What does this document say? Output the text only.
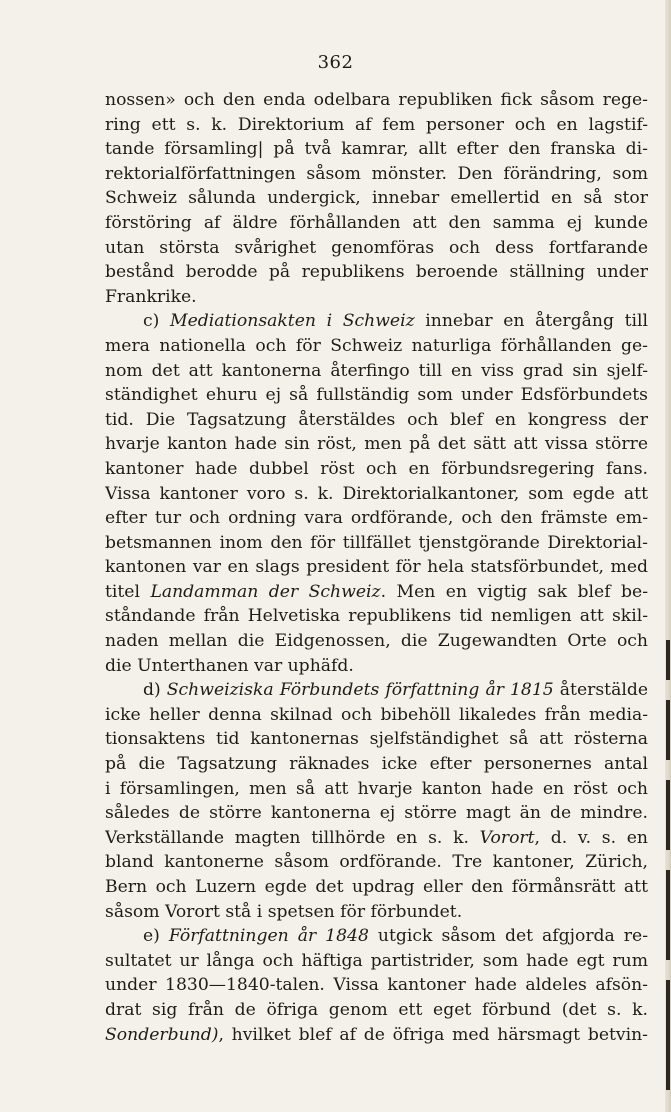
362
nossen» och den enda odelbara republiken fick såsom rege-
ring ett s. k. Direktorium af fem personer och en lagstif-
tande församling| på två kamrar, allt efter den franska di-
rektorialförfattningen såsom mönster. Den förändring, som
Schweiz sålunda undergick, innebar emellertid en så stor
förstöring af äldre förhållanden att den samma ej kunde
utan största svårighet genomföras och dess fortfarande
bestånd berodde på republikens beroende ställning under
Frankrike.
c) Mediationsakten i Schweiz innebar en återgång till
mera nationella och för Schweiz naturliga förhållanden ge-
nom det att kantonerna återfingo till en viss grad sin sjelf-
ständighet ehuru ej så fullständig som under Edsförbundets
tid. Die Tagsatzung återstäldes och blef en kongress der
hvarje kanton hade sin röst, men på det sätt att vissa större
kantoner hade dubbel röst och en förbundsregering fans.
Vissa kantoner voro s. k. Direktorialkantoner, som egde att
efter tur och ordning vara ordförande, och den främste em-
betsmannen inom den för tillfället tjenstgörande Direktorial-
kantonen var en slags president för hela statsförbundet, med
titel Landamman der Schweiz. Men en vigtig sak blef be-
ståndande från Helvetiska republikens tid nemligen att skil-
naden mellan die Eidgenossen, die Zugewandten Orte och
die Unterthanen var uphäfd.
d) Schweiziska Förbundets författning år 1815 återstälde
icke heller denna skilnad och bibehöll likaledes från media-
tionsaktens tid kantonernas sjelfständighet så att rösterna
på die Tagsatzung räknades icke efter personernes antal
i församlingen, men så att hvarje kanton hade en röst och
således de större kantonerna ej större magt än de mindre.
Verkställande magten tillhörde en s. k. Vorort, d. v. s. en
bland kantonerne såsom ordförande. Tre kantoner, Zürich,
Bern och Luzern egde det updrag eller den förmånsrätt att
såsom Vorort stå i spetsen för förbundet.
e) Författningen år 1848 utgick såsom det afgjorda re-
sultatet ur långa och häftiga partistrider, som hade egt rum
under 1830—1840-talen. Vissa kantoner hade aldeles afsön-
drat sig från de öfriga genom ett eget förbund (det s. k.
Sonderbund), hvilket blef af de öfriga med härsmagt betvin-
